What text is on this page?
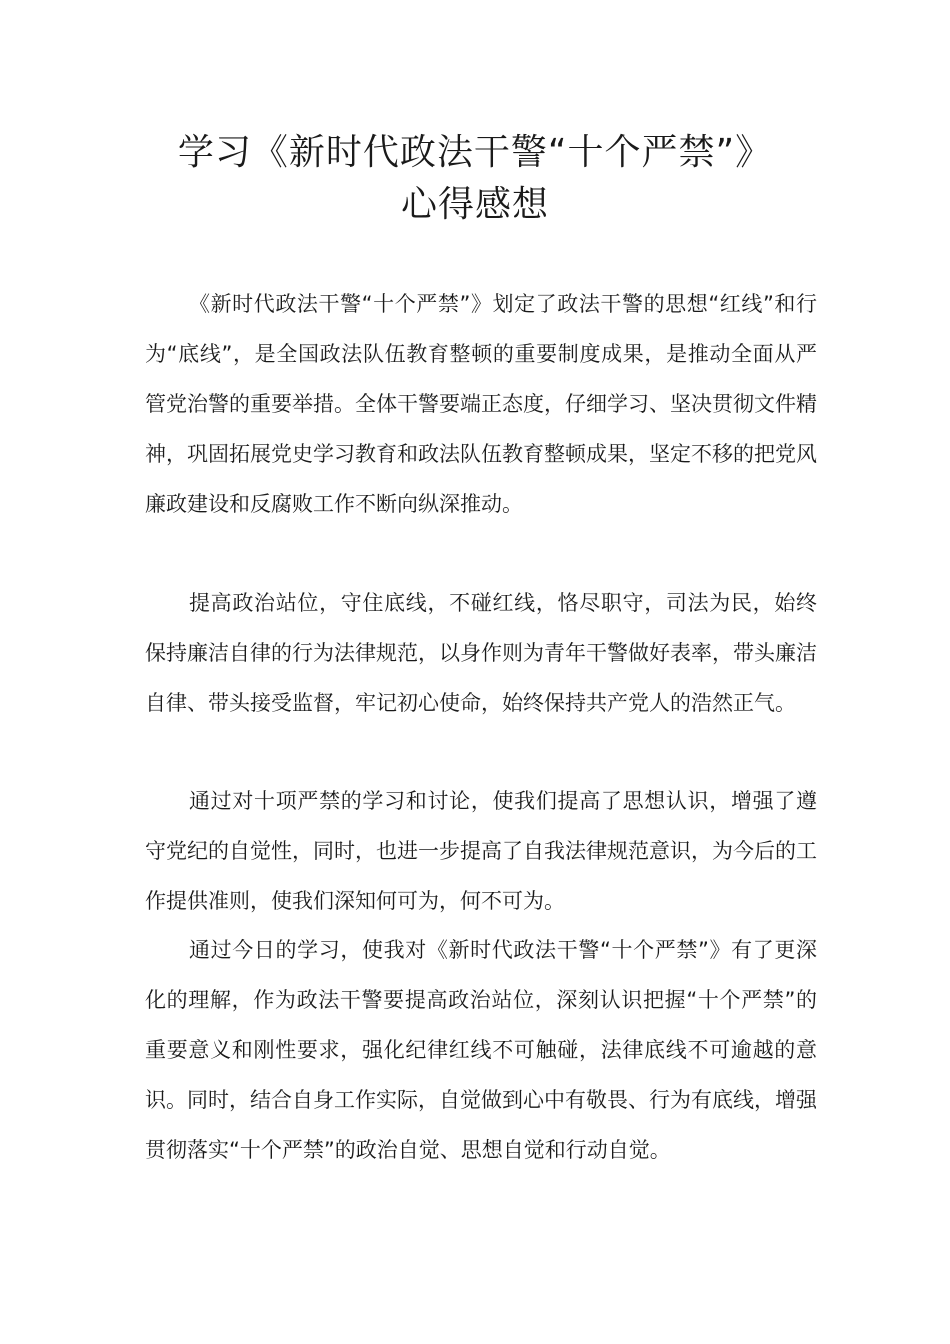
学习《新时代政法干警“十个严禁”》
心得感想

《新时代政法干警“十个严禁”》划定了政法干警的思想“红线”和行为“底线”，是全国政法队伍教育整顿的重要制度成果，是推动全面从严管党治警的重要举措。全体干警要端正态度，仔细学习、坚决贯彻文件精神，巩固拓展党史学习教育和政法队伍教育整顿成果，坚定不移的把党风廉政建设和反腐败工作不断向纵深推动。

提高政治站位，守住底线，不碰红线，恪尽职守，司法为民，始终保持廉洁自律的行为法律规范，以身作则为青年干警做好表率，带头廉洁自律、带头接受监督，牢记初心使命，始终保持共产党人的浩然正气。

通过对十项严禁的学习和讨论，使我们提高了思想认识，增强了遵守党纪的自觉性，同时，也进一步提高了自我法律规范意识，为今后的工作提供准则，使我们深知何可为，何不可为。

通过今日的学习，使我对《新时代政法干警“十个严禁”》有了更深化的理解，作为政法干警要提高政治站位，深刻认识把握“十个严禁”的重要意义和刚性要求，强化纪律红线不可触碰，法律底线不可逾越的意识。同时，结合自身工作实际，自觉做到心中有敬畏、行为有底线，增强贯彻落实“十个严禁”的政治自觉、思想自觉和行动自觉。
